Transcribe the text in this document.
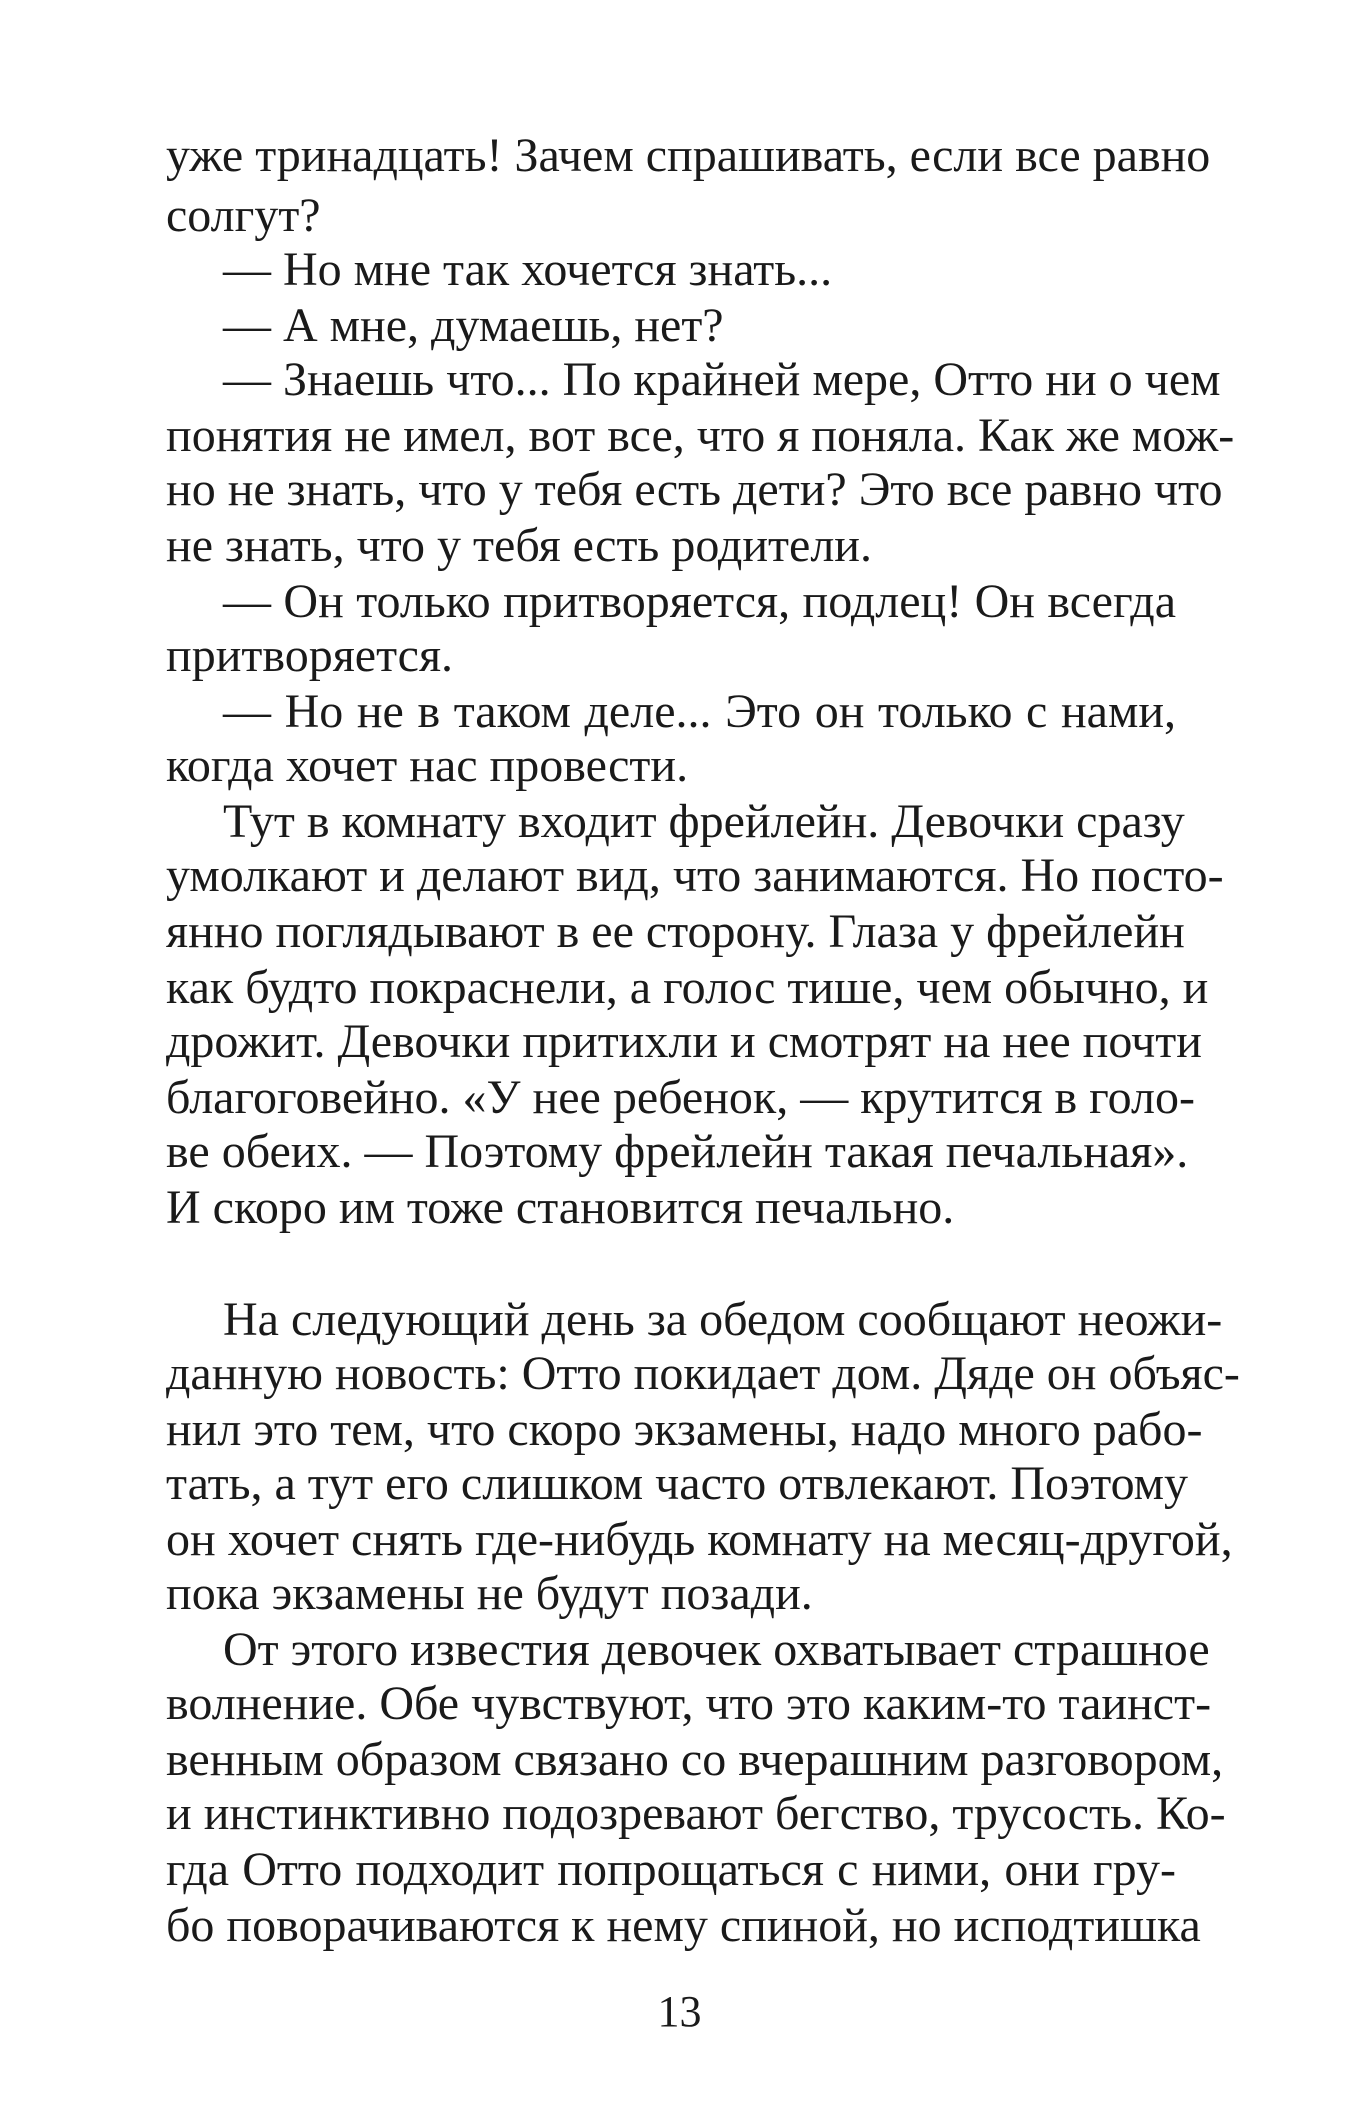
уже тринадцать! Зачем спрашивать, если все равно
солгут?
— Но мне так хочется знать...
— А мне, думаешь, нет?
— Знаешь что... По крайней мере, Отто ни о чем
понятия не имел, вот все, что я поняла. Как же мож-
но не знать, что у тебя есть дети? Это все равно что
не знать, что у тебя есть родители.
— Он только притворяется, подлец! Он всегда
притворяется.
— Но не в таком деле... Это он только с нами,
когда хочет нас провести.
Тут в комнату входит фрейлейн. Девочки сразу
умолкают и делают вид, что занимаются. Но посто-
янно поглядывают в ее сторону. Глаза у фрейлейн
как будто покраснели, а голос тише, чем обычно, и
дрожит. Девочки притихли и смотрят на нее почти
благоговейно. «У нее ребенок, — крутится в голо-
ве обеих. — Поэтому фрейлейн такая печальная».
И скоро им тоже становится печально.
На следующий день за обедом сообщают неожи-
данную новость: Отто покидает дом. Дяде он объяс-
нил это тем, что скоро экзамены, надо много рабо-
тать, а тут его слишком часто отвлекают. Поэтому
он хочет снять где-нибудь комнату на месяц-другой,
пока экзамены не будут позади.
От этого известия девочек охватывает страшное
волнение. Обе чувствуют, что это каким-то таинст-
венным образом связано со вчерашним разговором,
и инстинктивно подозревают бегство, трусость. Ко-
гда Отто подходит попрощаться с ними, они гру-
бо поворачиваются к нему спиной, но исподтишка
13
